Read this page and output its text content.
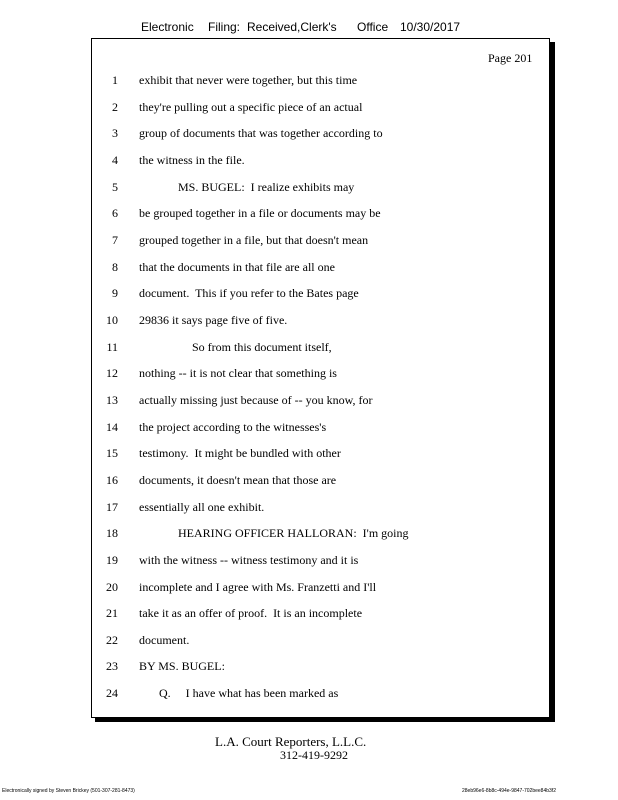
Electronic Filing: Received,Clerk's Office 10/30/2017
Page 201
1 exhibit that never were together, but this time
2 they're pulling out a specific piece of an actual
3 group of documents that was together according to
4 the witness in the file.
5	MS. BUGEL:  I realize exhibits may
6 be grouped together in a file or documents may be
7 grouped together in a file, but that doesn't mean
8 that the documents in that file are all one
9 document.  This if you refer to the Bates page
10 29836 it says page five of five.
11	So from this document itself,
12 nothing -- it is not clear that something is
13 actually missing just because of -- you know, for
14 the project according to the witnesses's
15 testimony.  It might be bundled with other
16 documents, it doesn't mean that those are
17 essentially all one exhibit.
18	HEARING OFFICER HALLORAN:  I'm going
19 with the witness -- witness testimony and it is
20 incomplete and I agree with Ms. Franzetti and I'll
21 take it as an offer of proof.  It is an incomplete
22 document.
23 BY MS. BUGEL:
24	Q.     I have what has been marked as
L.A. Court Reporters, L.L.C.
312-419-9292
Electronically signed by Steven Brickey (501-307-281-8473)	28eb96e6-8b8c-494e-9847-702bee84b3f2
